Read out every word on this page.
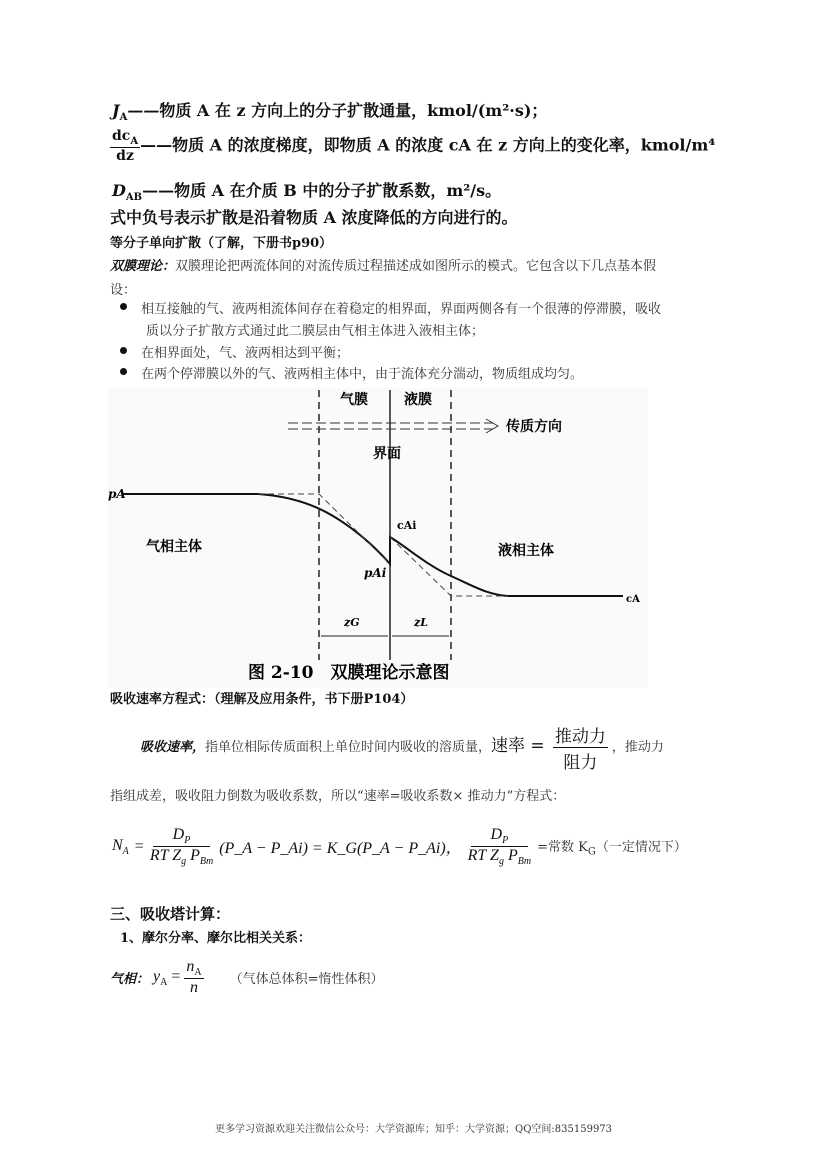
$J_A——$物质 A 在 z 方向上的分子扩散通量，kmol/(m²·s)；
$\frac{dc_A}{dz}$ ——物质 A 的浓度梯度，即物质 A 的浓度 cA 在 z 方向上的变化率，kmol/m⁴
$D_{AB}——$物质 A 在介质 B 中的分子扩散系数，m²/s。
式中负号表示扩散是沿着物质 A 浓度降低的方向进行的。
等分子单向扩散（了解，下册书p90）
双膜理论：双膜理论把两流体间的对流传质过程描述成如图所示的模式。它包含以下几点基本假
设：
相互接触的气、液两相流体间存在着稳定的相界面，界面两侧各有一个很薄的停滞膜，吸收
质以分子扩散方式通过此二膜层由气相主体进入液相主体；
在相界面处，气、液两相达到平衡；
在两个停滞膜以外的气、液两相主体中，由于流体充分湍动，物质组成均匀。
气膜	液膜
传质方向
界面
pA
cAi
pAi
cA
气相主体	液相主体
zG	zL
图 2-10　双膜理论示意图
吸收速率方程式：（理解及应用条件，书下册P104）
吸收速率，指单位相际传质面积上单位时间内吸收的溶质量，速率 = $\frac{\text{推动力}}{\text{阻力}}$ ，推动力
指组成差，吸收阻力倒数为吸收系数，所以“速率=吸收系数× 推动力”方程式：
$N_A = \frac{D_P}{RT Z_g P_{Bm}}$ (P_A − P_Ai) = K_G(P_A − P_Ai)， $\frac{D_P}{RT Z_g P_{Bm}}$ =常数 $K_G$（一定情况下）
三、吸收塔计算：
1、摩尔分率、摩尔比相关关系：
气相： $y_A = \frac{n_A}{n}$ （气体总体积=惰性体积）
更多学习资源欢迎关注微信公众号：大学资源库；知乎：大学资源；QQ空间:835159973
